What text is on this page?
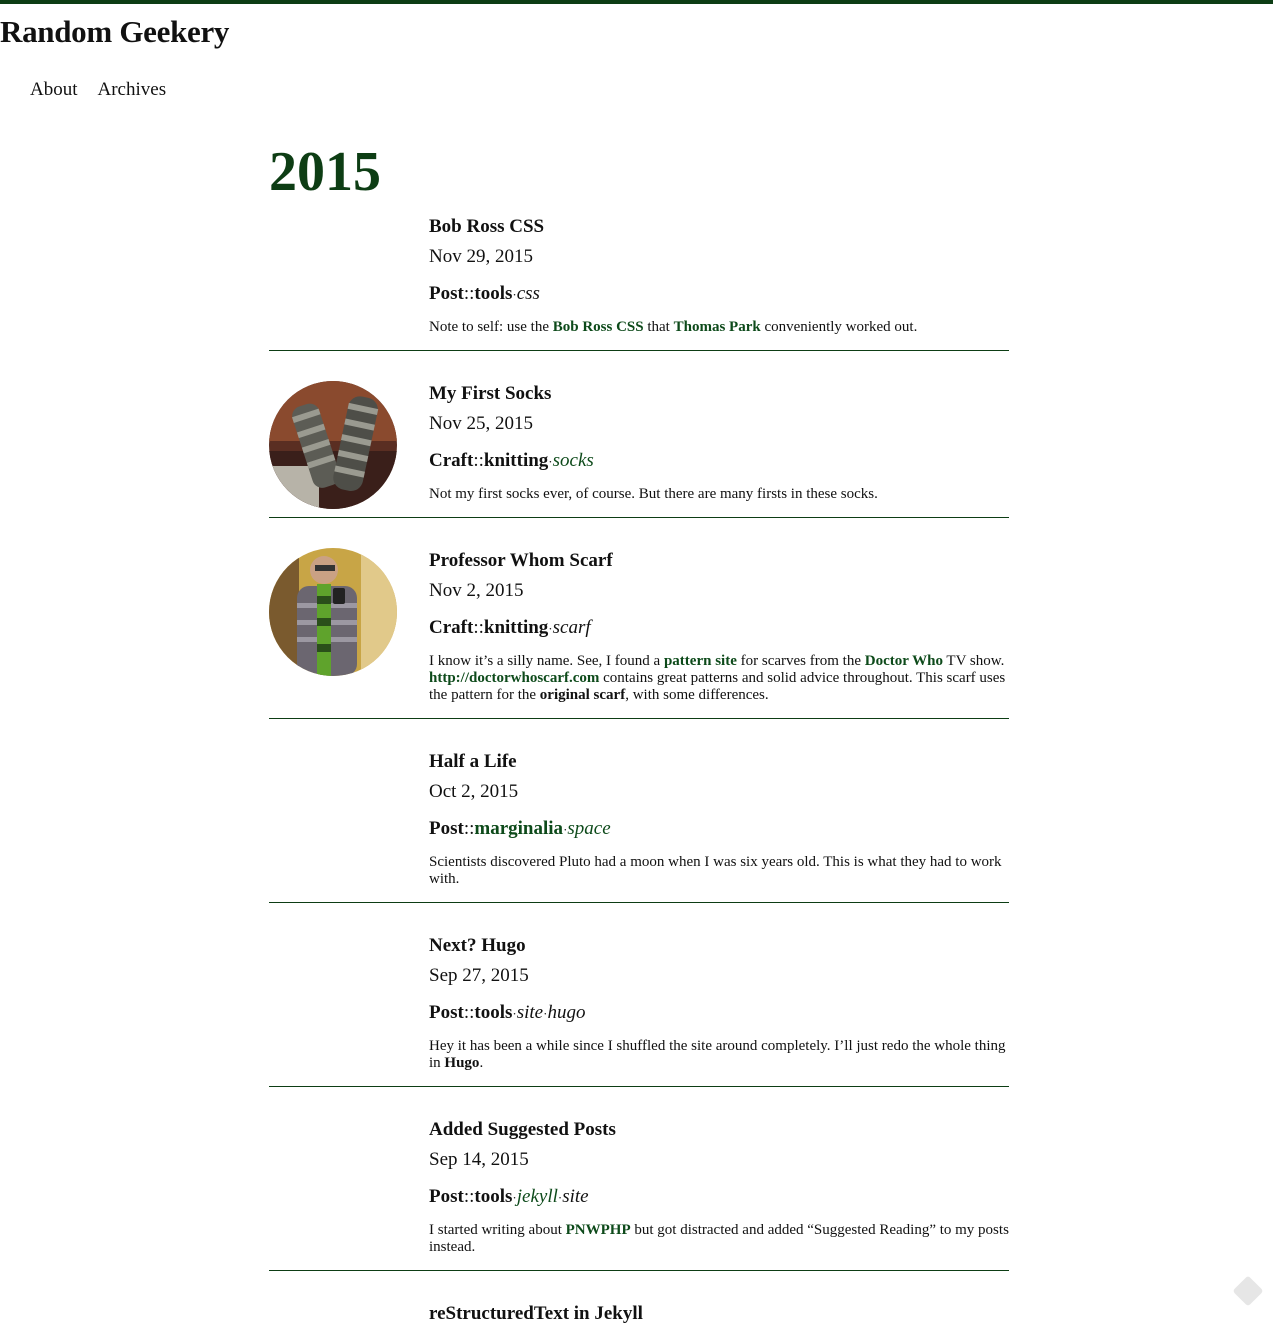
Random Geekery
About Archives
2015
Bob Ross CSS
Nov 29, 2015
Post::tools·css

Note to self: use the Bob Ross CSS that Thomas Park conveniently worked out.

My First Socks
Nov 25, 2015
Craft::knitting·socks

Not my first socks ever, of course. But there are many firsts in these socks.

Professor Whom Scarf
Nov 2, 2015
Craft::knitting·scarf

I know it’s a silly name. See, I found a pattern site for scarves from the Doctor Who TV show. http://doctorwhoscarf.com contains great patterns and solid advice throughout. This scarf uses the pattern for the original scarf, with some differences.

Half a Life
Oct 2, 2015
Post::marginalia·space

Scientists discovered Pluto had a moon when I was six years old. This is what they had to work with.

Next? Hugo
Sep 27, 2015
Post::tools·site·hugo

Hey it has been a while since I shuffled the site around completely. I’ll just redo the whole thing in Hugo.

Added Suggested Posts
Sep 14, 2015
Post::tools·jekyll·site

I started writing about PNWPHP but got distracted and added “Suggested Reading” to my posts instead.

reStructuredText in Jekyll
